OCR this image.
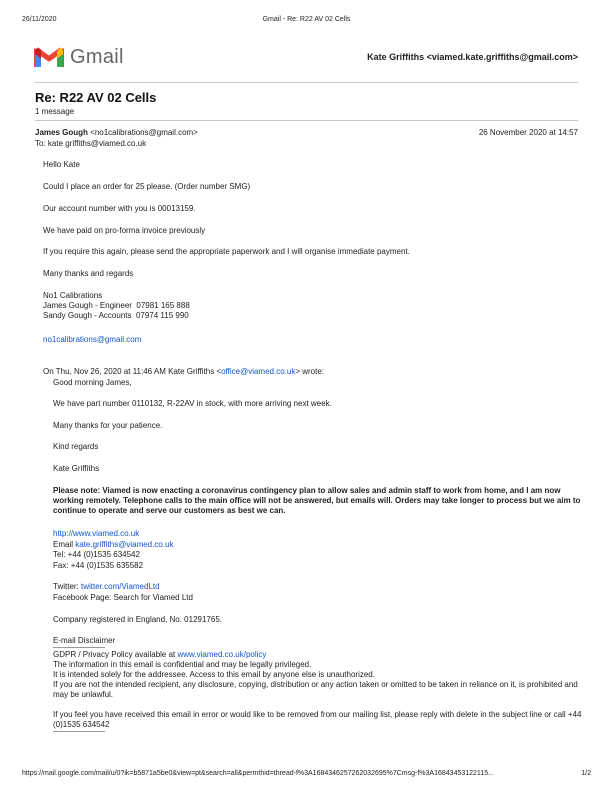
26/11/2020	Gmail - Re: R22 AV 02 Cells
Gmail	Kate Griffiths <viamed.kate.griffiths@gmail.com>
Re: R22 AV 02 Cells
1 message
James Gough <no1calibrations@gmail.com>	26 November 2020 at 14:57
To: kate griffiths@viamed.co.uk
Hello Kate
Could I place an order for 25 please. (Order number SMG)
Our account number with you is 00013159.
We have paid on pro-forma invoice previously
If you require this again, please send the appropriate paperwork and I will organise immediate payment.
Many thanks and regards
No1 Calibrations
James Gough - Engineer  07981 165 888
Sandy Gough - Accounts  07974 115 990
no1calibrations@gmail.com
On Thu, Nov 26, 2020 at 11:46 AM Kate Griffiths <office@viamed.co.uk> wrote:
Good morning James,
We have part number 0110132, R-22AV in stock, with more arriving next week.
Many thanks for your patience.
Kind regards
Kate Griffiths
Please note: Viamed is now enacting a coronavirus contingency plan to allow sales and admin staff to work from home, and I am now working remotely. Telephone calls to the main office will not be answered, but emails will. Orders may take longer to process but we aim to continue to operate and serve our customers as best we can.
http://www.viamed.co.uk
Email kate.griffiths@viamed.co.uk
Tel: +44 (0)1535 634542
Fax: +44 (0)1535 635582
Twitter: twitter.com/ViamedLtd
Facebook Page: Search for Viamed Ltd
Company registered in England, No. 01291765.
E-mail Disclaimer
GDPR / Privacy Policy available at www.viamed.co.uk/policy
The information in this email is confidential and may be legally privileged.
It is intended solely for the addressee. Access to this email by anyone else is unauthorized.
If you are not the intended recipient, any disclosure, copying, distribution or any action taken or omitted to be taken in reliance on it, is prohibited and may be unlawful.
If you feel you have received this email in error or would like to be removed from our mailing list, please reply with delete in the subject line or call +44 (0)1535 634542
https://mail.google.com/mail/u/0?ik=b5871a5be0&view=pt&search=all&permthid=thread-f%3A1684346257262032695%7Cmsg-f%3A16843453122115...	1/2
